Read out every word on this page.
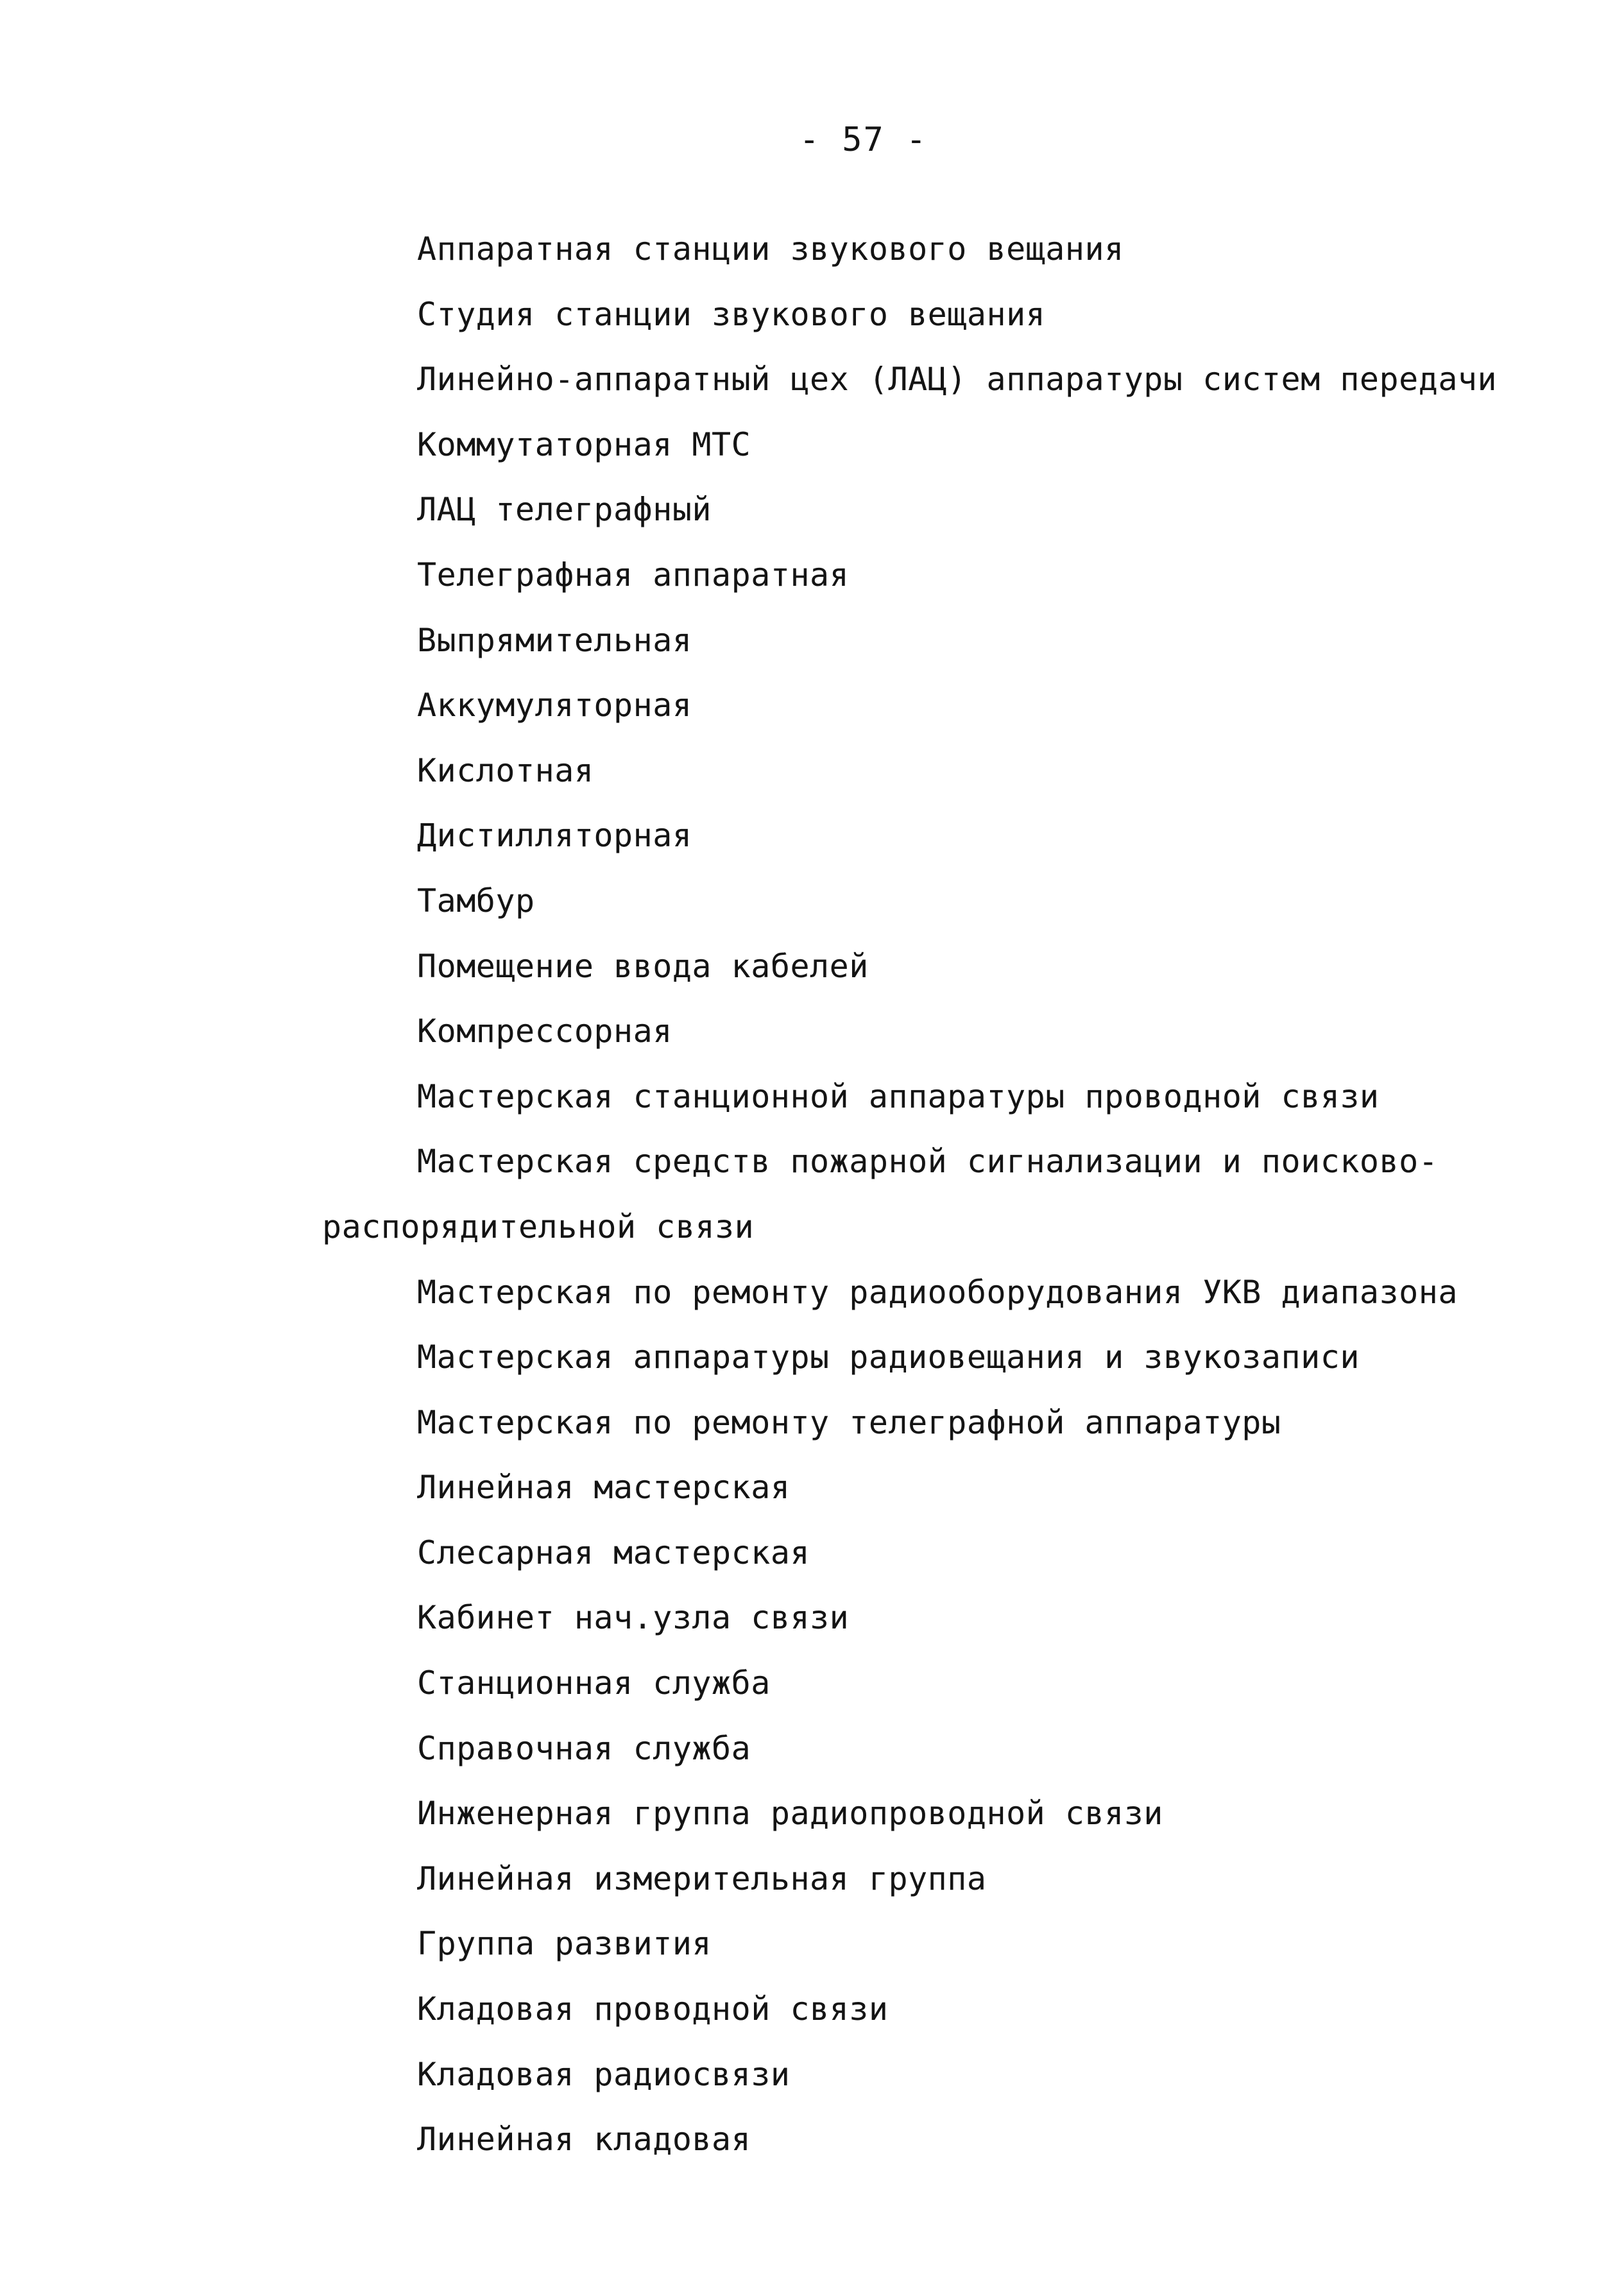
- 57 -
Аппаратная станции звукового вещания
Студия станции звукового вещания
Линейно-аппаратный цех (ЛАЦ) аппаратуры систем передачи
Коммутаторная МТС
ЛАЦ телеграфный
Телеграфная аппаратная
Выпрямительная
Аккумуляторная
Кислотная
Дистилляторная
Тамбур
Помещение ввода кабелей
Компрессорная
Мастерская станционной аппаратуры проводной связи
Мастерская средств пожарной сигнализации и поисково-
распорядительной связи
Мастерская по ремонту радиооборудования УКВ диапазона
Мастерская аппаратуры радиовещания и звукозаписи
Мастерская по ремонту телеграфной аппаратуры
Линейная мастерская
Слесарная мастерская
Кабинет нач.узла связи
Станционная служба
Справочная служба
Инженерная группа радиопроводной связи
Линейная измерительная группа
Группа развития
Кладовая проводной связи
Кладовая радиосвязи
Линейная кладовая
